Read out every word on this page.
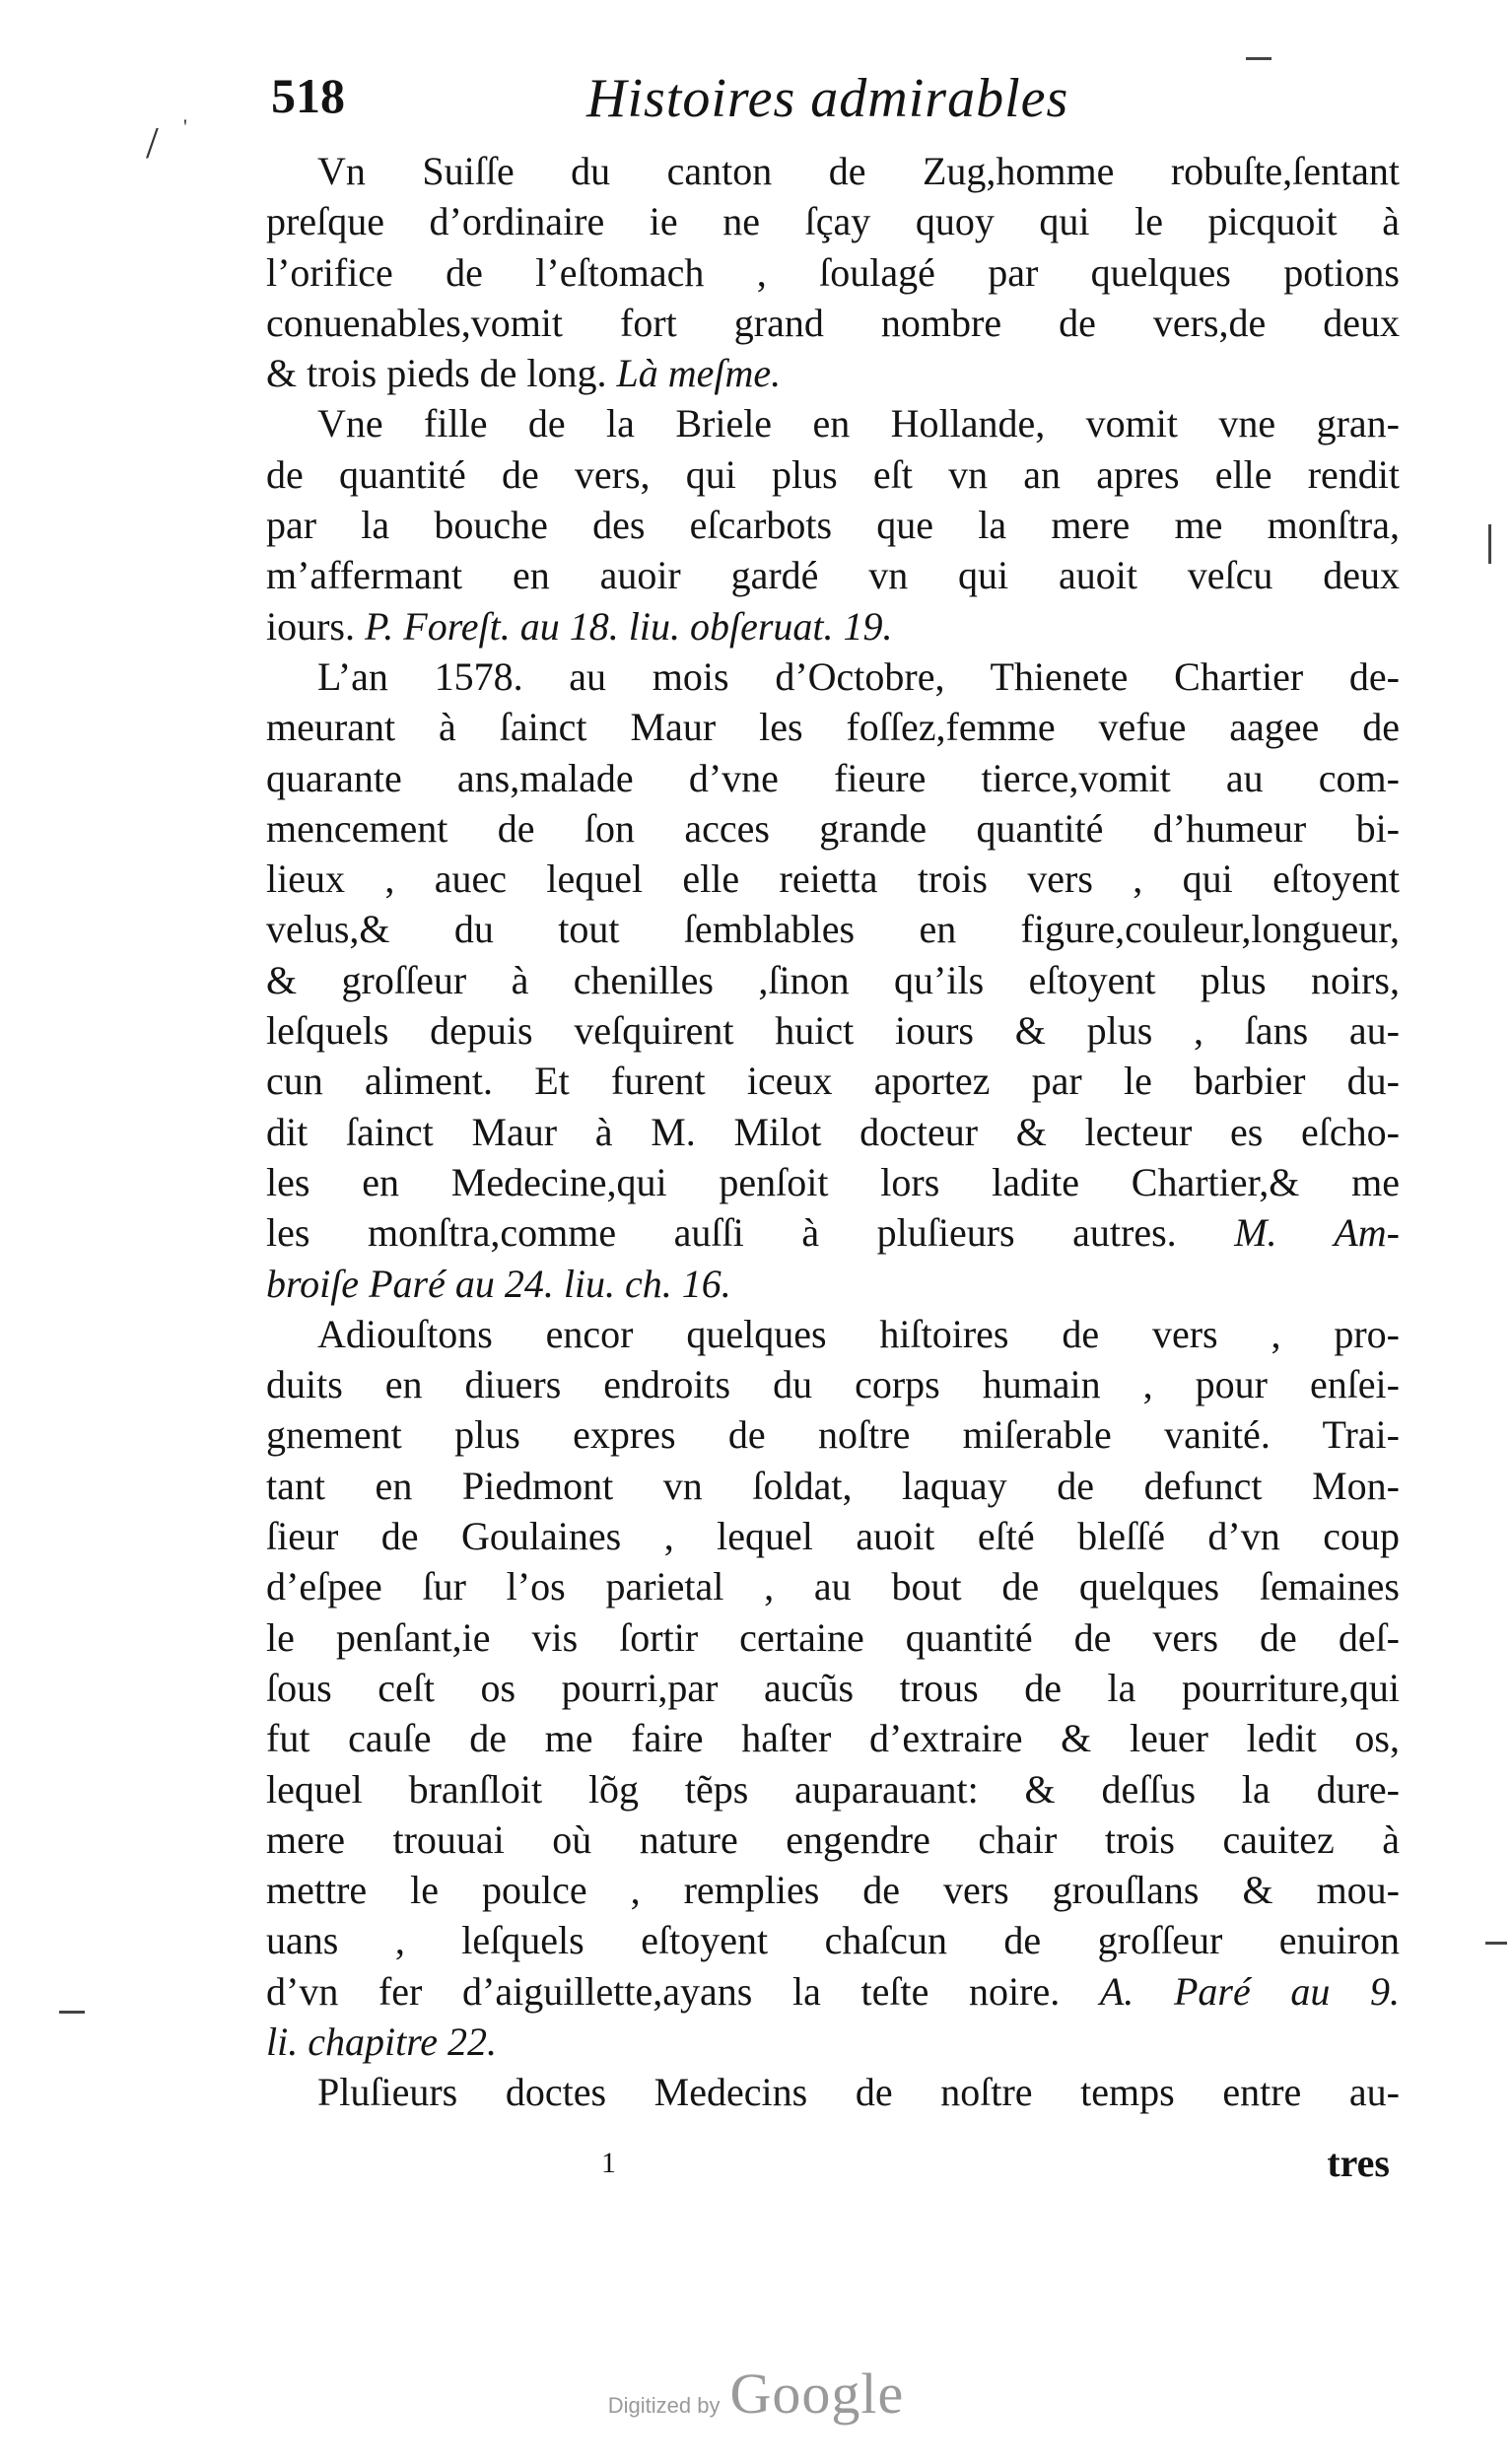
518	Histoires admirables
Vn Suiſſe du canton de Zug,homme robuſte,ſentant
preſque d’ordinaire ie ne ſçay quoy qui le picquoit à
l’orifice de l’eſtomach , ſoulagé par quelques potions
conuenables,vomit fort grand nombre de vers,de deux
& trois pieds de long. Là meſme.
Vne fille de la Briele en Hollande, vomit vne gran-
de quantité de vers, qui plus eſt vn an apres elle rendit
par la bouche des eſcarbots que la mere me monſtra,
m’affermant en auoir gardé vn qui auoit veſcu deux
iours. P. Foreſt. au 18. liu. obſeruat. 19.
L’an 1578. au mois d’Octobre, Thienete Chartier de-
meurant à ſainct Maur les foſſez,femme vefue aagee de
quarante ans,malade d’vne fieure tierce,vomit au com-
mencement de ſon acces grande quantité d’humeur bi-
lieux , auec lequel elle reietta trois vers , qui eſtoyent
velus,& du tout ſemblables en figure,couleur,longueur,
& groſſeur à chenilles ,ſinon qu’ils eſtoyent plus noirs,
leſquels depuis veſquirent huict iours & plus , ſans au-
cun aliment. Et furent iceux aportez par le barbier du-
dit ſainct Maur à M. Milot docteur & lecteur es eſcho-
les en Medecine,qui penſoit lors ladite Chartier,& me
les monſtra,comme auſſi à pluſieurs autres. M. Am-
broiſe Paré au 24. liu. ch. 16.
Adiouſtons encor quelques hiſtoires de vers , pro-
duits en diuers endroits du corps humain , pour enſei-
gnement plus expres de noſtre miſerable vanité. Trai-
tant en Piedmont vn ſoldat, laquay de defunct Mon-
ſieur de Goulaines , lequel auoit eſté bleſſé d’vn coup
d’eſpee ſur l’os parietal , au bout de quelques ſemaines
le penſant,ie vis ſortir certaine quantité de vers de deſ-
ſous ceſt os pourri,par aucũs trous de la pourriture,qui
fut cauſe de me faire haſter d’extraire & leuer ledit os,
lequel branſloit lõg tẽps auparauant: & deſſus la dure-
mere trouuai où nature engendre chair trois cauitez à
mettre le poulce , remplies de vers grouſlans & mou-
uans , leſquels eſtoyent chaſcun de groſſeur enuiron
d’vn fer d’aiguillette,ayans la teſte noire. A. Paré au 9.
li. chapitre 22.
Pluſieurs doctes Medecins de noſtre temps entre au-
1	tres
Digitized by Google
/ '
